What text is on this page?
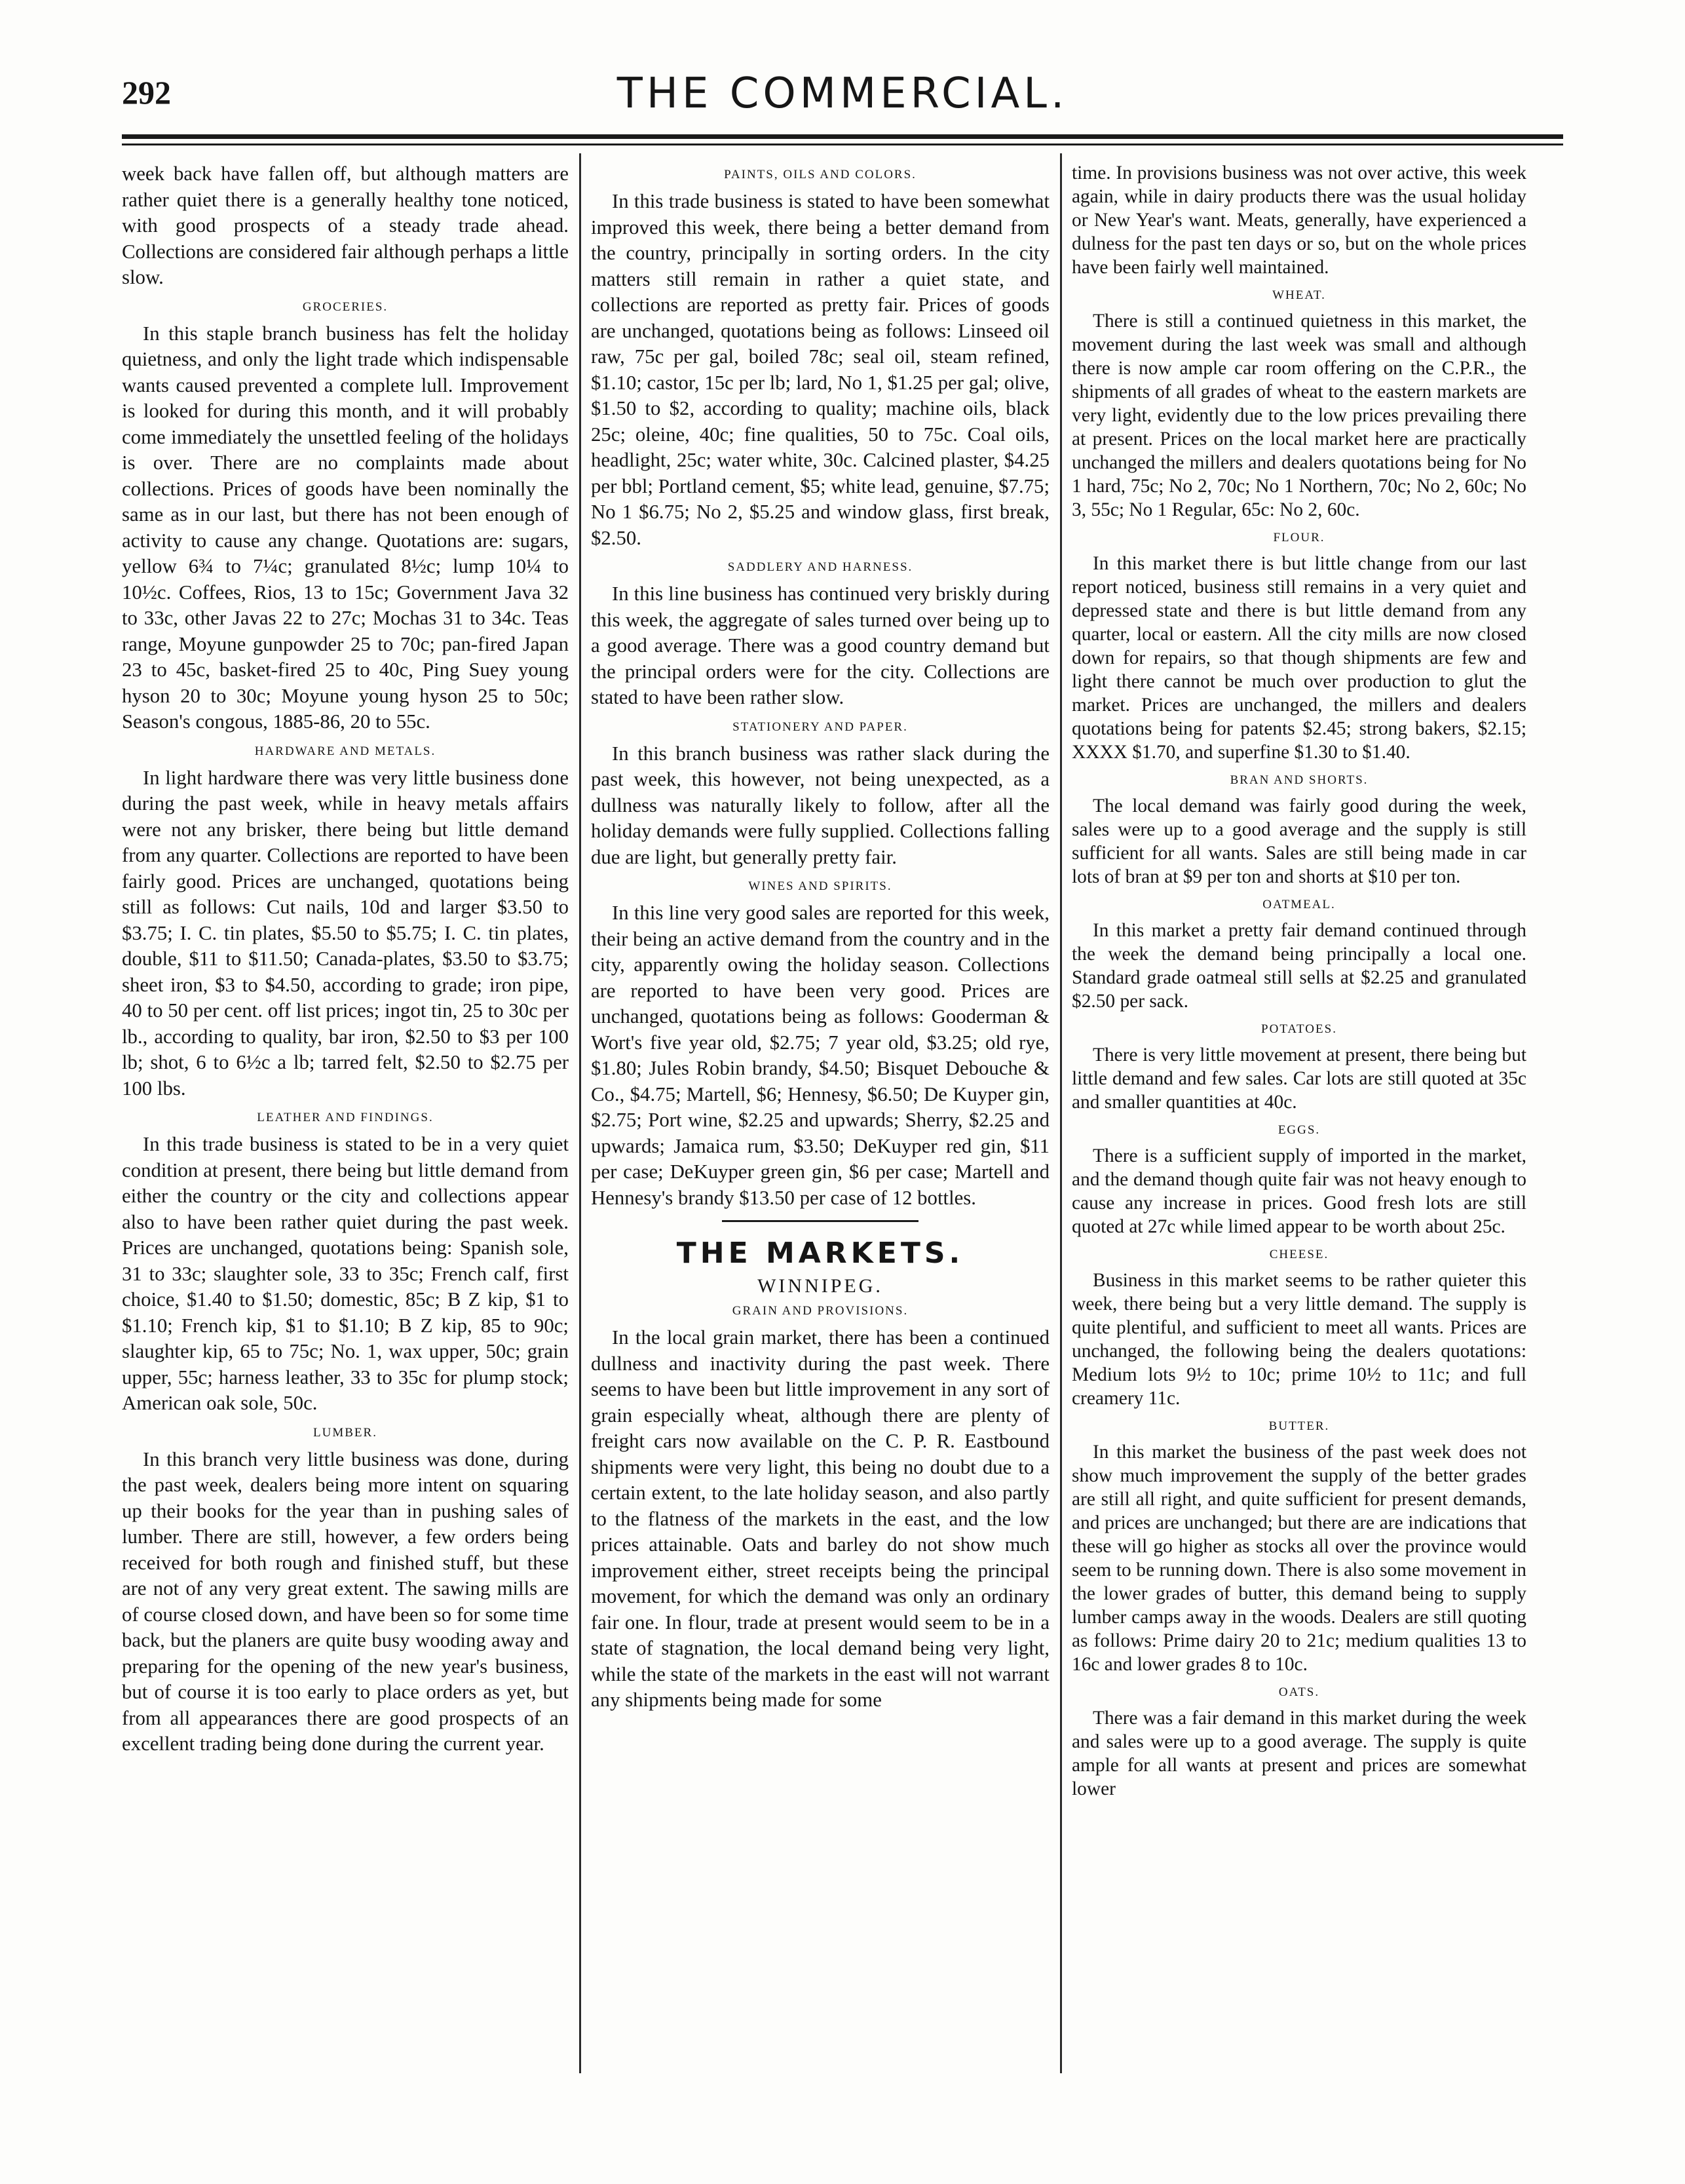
292	THE COMMERCIAL.

week back have fallen off, but although matters are rather quiet there is a generally healthy tone noticed, with good prospects of a steady trade ahead. Collections are considered fair although perhaps a little slow.

GROCERIES.

In this staple branch business has felt the holiday quietness, and only the light trade which indispensable wants caused prevented a complete lull. Improvement is looked for during this month, and it will probably come immediately the unsettled feeling of the holidays is over. There are no complaints made about collections. Prices of goods have been nominally the same as in our last, but there has not been enough of activity to cause any change. Quotations are: sugars, yellow 6¾ to 7¼c; granulated 8½c; lump 10¼ to 10½c. Coffees, Rios, 13 to 15c; Government Java 32 to 33c, other Javas 22 to 27c; Mochas 31 to 34c. Teas range, Moyune gunpowder 25 to 70c; pan-fired Japan 23 to 45c, basket-fired 25 to 40c, Ping Suey young hyson 20 to 30c; Moyune young hyson 25 to 50c; Season's congous, 1885-86, 20 to 55c.

HARDWARE AND METALS.

In light hardware there was very little business done during the past week, while in heavy metals affairs were not any brisker, there being but little demand from any quarter. Collections are reported to have been fairly good. Prices are unchanged, quotations being still as follows: Cut nails, 10d and larger $3.50 to $3.75; I. C. tin plates, $5.50 to $5.75; I. C. tin plates, double, $11 to $11.50; Canada-plates, $3.50 to $3.75; sheet iron, $3 to $4.50, according to grade; iron pipe, 40 to 50 per cent. off list prices; ingot tin, 25 to 30c per lb., according to quality, bar iron, $2.50 to $3 per 100 lb; shot, 6 to 6½c a lb; tarred felt, $2.50 to $2.75 per 100 lbs.

LEATHER AND FINDINGS.

In this trade business is stated to be in a very quiet condition at present, there being but little demand from either the country or the city and collections appear also to have been rather quiet during the past week. Prices are unchanged, quotations being: Spanish sole, 31 to 33c; slaughter sole, 33 to 35c; French calf, first choice, $1.40 to $1.50; domestic, 85c; B Z kip, $1 to $1.10; French kip, $1 to $1.10; B Z kip, 85 to 90c; slaughter kip, 65 to 75c; No. 1, wax upper, 50c; grain upper, 55c; harness leather, 33 to 35c for plump stock; American oak sole, 50c.

LUMBER.

In this branch very little business was done, during the past week, dealers being more intent on squaring up their books for the year than in pushing sales of lumber. There are still, however, a few orders being received for both rough and finished stuff, but these are not of any very great extent. The sawing mills are of course closed down, and have been so for some time back, but the planers are quite busy wooding away and preparing for the opening of the new year's business, but of course it is too early to place orders as yet, but from all appearances there are good prospects of an excellent trading being done during the current year.

PAINTS, OILS AND COLORS.

In this trade business is stated to have been somewhat improved this week, there being a better demand from the country, principally in sorting orders. In the city matters still remain in rather a quiet state, and collections are reported as pretty fair. Prices of goods are unchanged, quotations being as follows: Linseed oil raw, 75c per gal, boiled 78c; seal oil, steam refined, $1.10; castor, 15c per lb; lard, No 1, $1.25 per gal; olive, $1.50 to $2, according to quality; machine oils, black 25c; oleine, 40c; fine qualities, 50 to 75c. Coal oils, headlight, 25c; water white, 30c. Calcined plaster, $4.25 per bbl; Portland cement, $5; white lead, genuine, $7.75; No 1 $6.75; No 2, $5.25 and window glass, first break, $2.50.

SADDLERY AND HARNESS.

In this line business has continued very briskly during this week, the aggregate of sales turned over being up to a good average. There was a good country demand but the principal orders were for the city. Collections are stated to have been rather slow.

STATIONERY AND PAPER.

In this branch business was rather slack during the past week, this however, not being unexpected, as a dullness was naturally likely to follow, after all the holiday demands were fully supplied. Collections falling due are light, but generally pretty fair.

WINES AND SPIRITS.

In this line very good sales are reported for this week, their being an active demand from the country and in the city, apparently owing the holiday season. Collections are reported to have been very good. Prices are unchanged, quotations being as follows: Gooderman & Wort's five year old, $2.75; 7 year old, $3.25; old rye, $1.80; Jules Robin brandy, $4.50; Bisquet Debouche & Co., $4.75; Martell, $6; Hennesy, $6.50; De Kuyper gin, $2.75; Port wine, $2.25 and upwards; Sherry, $2.25 and upwards; Jamaica rum, $3.50; DeKuyper red gin, $11 per case; DeKuyper green gin, $6 per case; Martell and Hennesy's brandy $13.50 per case of 12 bottles.

THE MARKETS.
WINNIPEG.
GRAIN AND PROVISIONS.

In the local grain market, there has been a continued dullness and inactivity during the past week. There seems to have been but little improvement in any sort of grain especially wheat, although there are plenty of freight cars now available on the C. P. R. Eastbound shipments were very light, this being no doubt due to a certain extent, to the late holiday season, and also partly to the flatness of the markets in the east, and the low prices attainable. Oats and barley do not show much improvement either, street receipts being the principal movement, for which the demand was only an ordinary fair one. In flour, trade at present would seem to be in a state of stagnation, the local demand being very light, while the state of the markets in the east will not warrant any shipments being made for some

time. In provisions business was not over active, this week again, while in dairy products there was the usual holiday or New Year's want. Meats, generally, have experienced a dulness for the past ten days or so, but on the whole prices have been fairly well maintained.

WHEAT.

There is still a continued quietness in this market, the movement during the last week was small and although there is now ample car room offering on the C.P.R., the shipments of all grades of wheat to the eastern markets are very light, evidently due to the low prices prevailing there at present. Prices on the local market here are practically unchanged the millers and dealers quotations being for No 1 hard, 75c; No 2, 70c; No 1 Northern, 70c; No 2, 60c; No 3, 55c; No 1 Regular, 65c: No 2, 60c.

FLOUR.

In this market there is but little change from our last report noticed, business still remains in a very quiet and depressed state and there is but little demand from any quarter, local or eastern. All the city mills are now closed down for repairs, so that though shipments are few and light there cannot be much over production to glut the market. Prices are unchanged, the millers and dealers quotations being for patents $2.45; strong bakers, $2.15; XXXX $1.70, and superfine $1.30 to $1.40.

BRAN AND SHORTS.

The local demand was fairly good during the week, sales were up to a good average and the supply is still sufficient for all wants. Sales are still being made in car lots of bran at $9 per ton and shorts at $10 per ton.

OATMEAL.

In this market a pretty fair demand continued through the week the demand being principally a local one. Standard grade oatmeal still sells at $2.25 and granulated $2.50 per sack.

POTATOES.

There is very little movement at present, there being but little demand and few sales. Car lots are still quoted at 35c and smaller quantities at 40c.

EGGS.

There is a sufficient supply of imported in the market, and the demand though quite fair was not heavy enough to cause any increase in prices. Good fresh lots are still quoted at 27c while limed appear to be worth about 25c.

CHEESE.

Business in this market seems to be rather quieter this week, there being but a very little demand. The supply is quite plentiful, and sufficient to meet all wants. Prices are unchanged, the following being the dealers quotations: Medium lots 9½ to 10c; prime 10½ to 11c; and full creamery 11c.

BUTTER.

In this market the business of the past week does not show much improvement the supply of the better grades are still all right, and quite sufficient for present demands, and prices are unchanged; but there are are indications that these will go higher as stocks all over the province would seem to be running down. There is also some movement in the lower grades of butter, this demand being to supply lumber camps away in the woods. Dealers are still quoting as follows: Prime dairy 20 to 21c; medium qualities 13 to 16c and lower grades 8 to 10c.

OATS.

There was a fair demand in this market during the week and sales were up to a good average. The supply is quite ample for all wants at present and prices are somewhat lower
